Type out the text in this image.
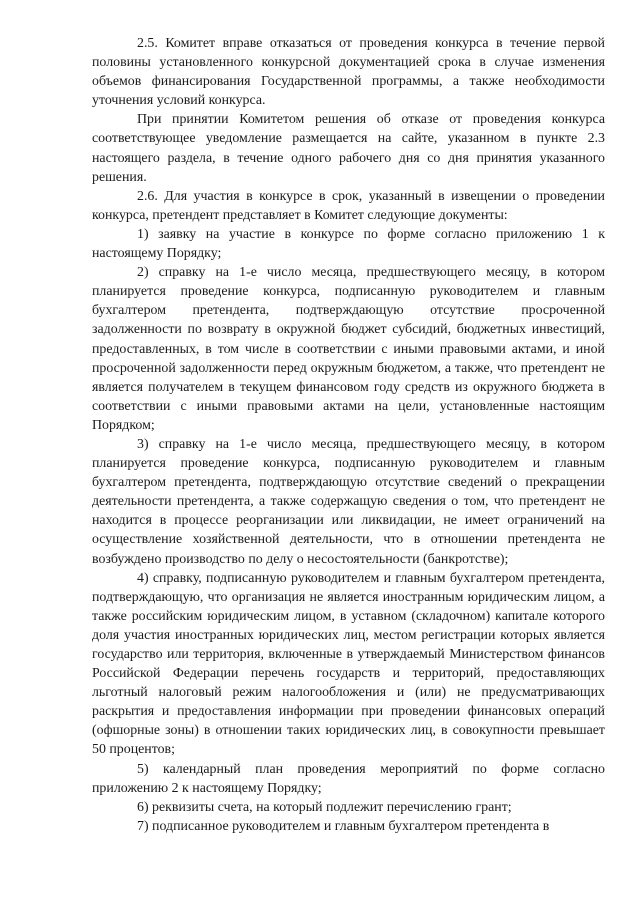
2.5. Комитет вправе отказаться от проведения конкурса в течение первой половины установленного конкурсной документацией срока в случае изменения объемов финансирования Государственной программы, а также необходимости уточнения условий конкурса.

При принятии Комитетом решения об отказе от проведения конкурса соответствующее уведомление размещается на сайте, указанном в пункте 2.3 настоящего раздела, в течение одного рабочего дня со дня принятия указанного решения.

2.6. Для участия в конкурсе в срок, указанный в извещении о проведении конкурса, претендент представляет в Комитет следующие документы:

1) заявку на участие в конкурсе по форме согласно приложению 1 к настоящему Порядку;

2) справку на 1-е число месяца, предшествующего месяцу, в котором планируется проведение конкурса, подписанную руководителем и главным бухгалтером претендента, подтверждающую отсутствие просроченной задолженности по возврату в окружной бюджет субсидий, бюджетных инвестиций, предоставленных, в том числе в соответствии с иными правовыми актами, и иной просроченной задолженности перед окружным бюджетом, а также, что претендент не является получателем в текущем финансовом году средств из окружного бюджета в соответствии с иными правовыми актами на цели, установленные настоящим Порядком;

3) справку на 1-е число месяца, предшествующего месяцу, в котором планируется проведение конкурса, подписанную руководителем и главным бухгалтером претендента, подтверждающую отсутствие сведений о прекращении деятельности претендента, а также содержащую сведения о том, что претендент не находится в процессе реорганизации или ликвидации, не имеет ограничений на осуществление хозяйственной деятельности, что в отношении претендента не возбуждено производство по делу о несостоятельности (банкротстве);

4) справку, подписанную руководителем и главным бухгалтером претендента, подтверждающую, что организация не является иностранным юридическим лицом, а также российским юридическим лицом, в уставном (складочном) капитале которого доля участия иностранных юридических лиц, местом регистрации которых является государство или территория, включенные в утверждаемый Министерством финансов Российской Федерации перечень государств и территорий, предоставляющих льготный налоговый режим налогообложения и (или) не предусматривающих раскрытия и предоставления информации при проведении финансовых операций (офшорные зоны) в отношении таких юридических лиц, в совокупности превышает 50 процентов;

5) календарный план проведения мероприятий по форме согласно приложению 2 к настоящему Порядку;

6) реквизиты счета, на который подлежит перечислению грант;

7) подписанное руководителем и главным бухгалтером претендента в
